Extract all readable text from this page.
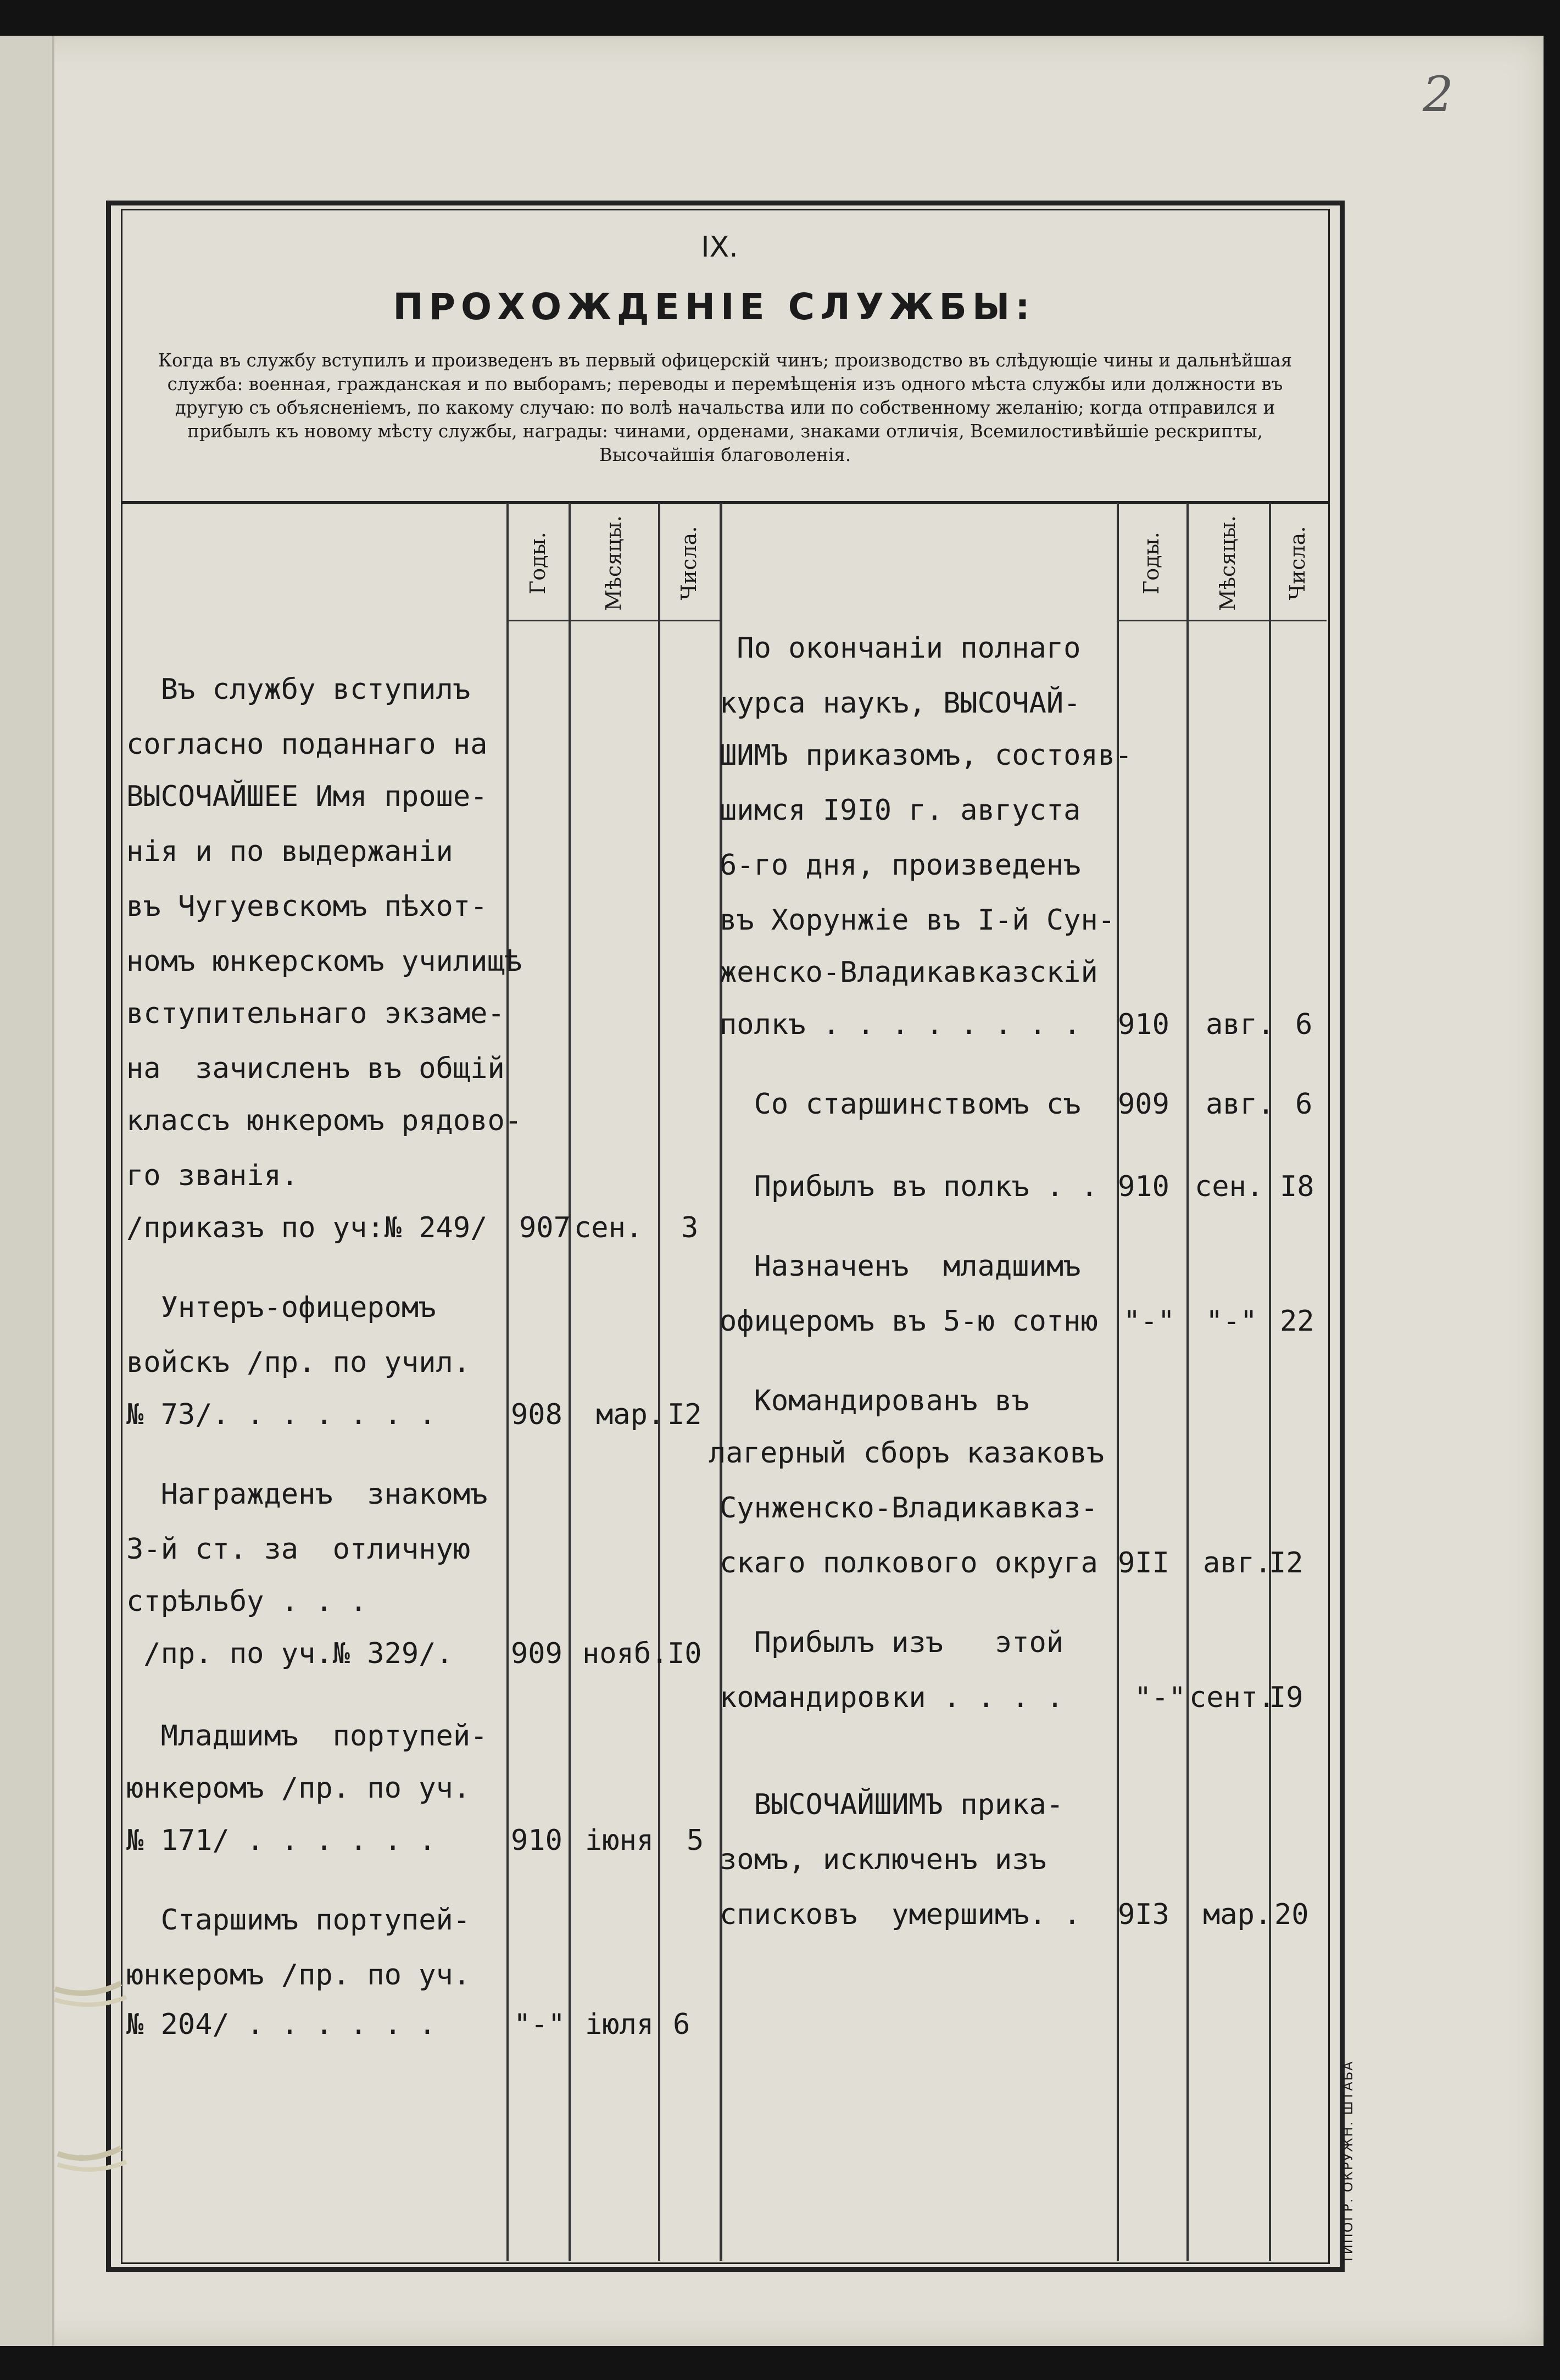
2
IX.
ПРОХОЖДЕНІЕ СЛУЖБЫ:
Когда въ службу вступилъ и произведенъ въ первый офицерскій чинъ; производство въ слѣдующіе чины и дальнѣйшая служба: военная, гражданская и по выборамъ; переводы и перемѣщенія изъ одного мѣста службы или должности въ другую съ объясненіемъ, по какому случаю: по волѣ начальства или по собственному желанію; когда отправился и прибылъ къ новому мѣсту службы, награды: чинами, орденами, знаками отличія, Всемилостивѣйшіе рескрипты, Высочайшія благоволенія.
Годы. Мѣсяцы. Числа.	Годы.	Мѣсяцы. Числа.
Въ службу вступилъ
согласно поданнаго на
ВЫСОЧАЙШЕЕ Имя проше-
нія и по выдержаніи
въ Чугуевскомъ пѣхот-
номъ юнкерскомъ училищѣ
вступительнаго экзаме-
на  зачисленъ въ общій
классъ юнкеромъ рядово-
го званія.
/приказъ по уч:№ 249/
Унтеръ-офицеромъ
войскъ /пр. по учил.
№ 73/. . . . . . .
Награжденъ  знакомъ
3-й ст. за  отличную
стрѣльбу . . .
/пр. по уч.№ 329/.
Младшимъ  портупей-
юнкеромъ /пр. по уч.
№ 171/ . . . . . .
Старшимъ портупей-
юнкеромъ /пр. по уч.
№ 204/ . . . . . .
907 сен. 3
908 мар. I2
909 нояб.
I0
910 іюня 5
"-" іюля 6
По окончаніи полнаго
курса наукъ, ВЫСОЧАЙ-
ШИМЪ приказомъ, состояв-
шимся I9I0 г. августа
6-го дня, произведенъ
въ Хорунжіе въ I-й Сун-
женско-Владикавказскій
полкъ . . . . . . . .
Со старшинствомъ съ
Прибылъ въ полкъ . .
Назначенъ  младшимъ
офицеромъ въ 5-ю сотню
Командированъ въ
лагерный сборъ казаковъ
Сунженско-Владикавказ-
скаго полкового округа
Прибылъ изъ   этой
командировки . . . .
ВЫСОЧАЙШИМЪ прика-
зомъ, исключенъ изъ
списковъ  умершимъ. .
910 авг. 6
909 авг. 6
910 сен. I8
"-" "-" 22
9II авг.
I2
"-" сент.
I9
9I3 мар. 20
ТИПОГР. ОКРУЖН. ШТАБА
